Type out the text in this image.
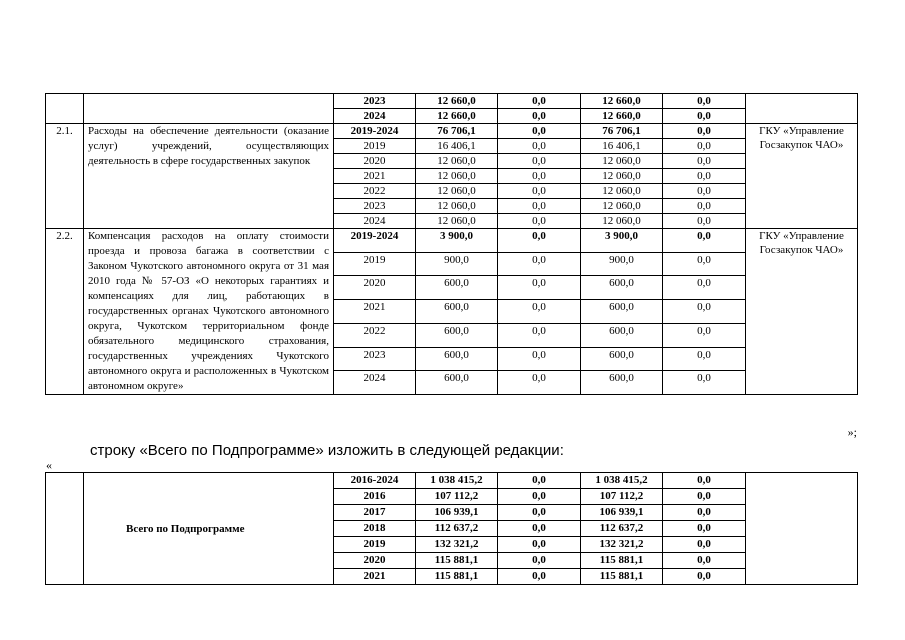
		2023	12 660,0	0,0	12 660,0	0,0	
		2024	12 660,0	0,0	12 660,0	0,0	
2.1.	Расходы на обеспечение деятельности (оказание услуг) учреждений, осуществляющих деятельность в сфере государственных закупок	2019-2024	76 706,1	0,0	76 706,1	0,0	ГКУ «Управление Госзакупок ЧАО»
		2019	16 406,1	0,0	16 406,1	0,0	
		2020	12 060,0	0,0	12 060,0	0,0	
		2021	12 060,0	0,0	12 060,0	0,0	
		2022	12 060,0	0,0	12 060,0	0,0	
		2023	12 060,0	0,0	12 060,0	0,0	
		2024	12 060,0	0,0	12 060,0	0,0	
2.2.	Компенсация расходов на оплату стоимости проезда и провоза багажа в соответствии с Законом Чукотского автономного округа от 31 мая 2010 года № 57-ОЗ «О некоторых гарантиях и компенсациях для лиц, работающих в государственных органах Чукотского автономного округа, Чукотском территориальном фонде обязательного медицинского страхования, государственных учреждениях Чукотского автономного округа и расположенных в Чукотском автономном округе»	2019-2024	3 900,0	0,0	3 900,0	0,0	ГКУ «Управление Госзакупок ЧАО»
		2019	900,0	0,0	900,0	0,0	
		2020	600,0	0,0	600,0	0,0	
		2021	600,0	0,0	600,0	0,0	
		2022	600,0	0,0	600,0	0,0	
		2023	600,0	0,0	600,0	0,0	
		2024	600,0	0,0	600,0	0,0	
»;
строку «Всего по Подпрограмме» изложить в следующей редакции:
«
	Всего по Подпрограмме	2016-2024	1 038 415,2	0,0	1 038 415,2	0,0	
		2016	107 112,2	0,0	107 112,2	0,0	
		2017	106 939,1	0,0	106 939,1	0,0	
		2018	112 637,2	0,0	112 637,2	0,0	
		2019	132 321,2	0,0	132 321,2	0,0	
		2020	115 881,1	0,0	115 881,1	0,0	
		2021	115 881,1	0,0	115 881,1	0,0	
